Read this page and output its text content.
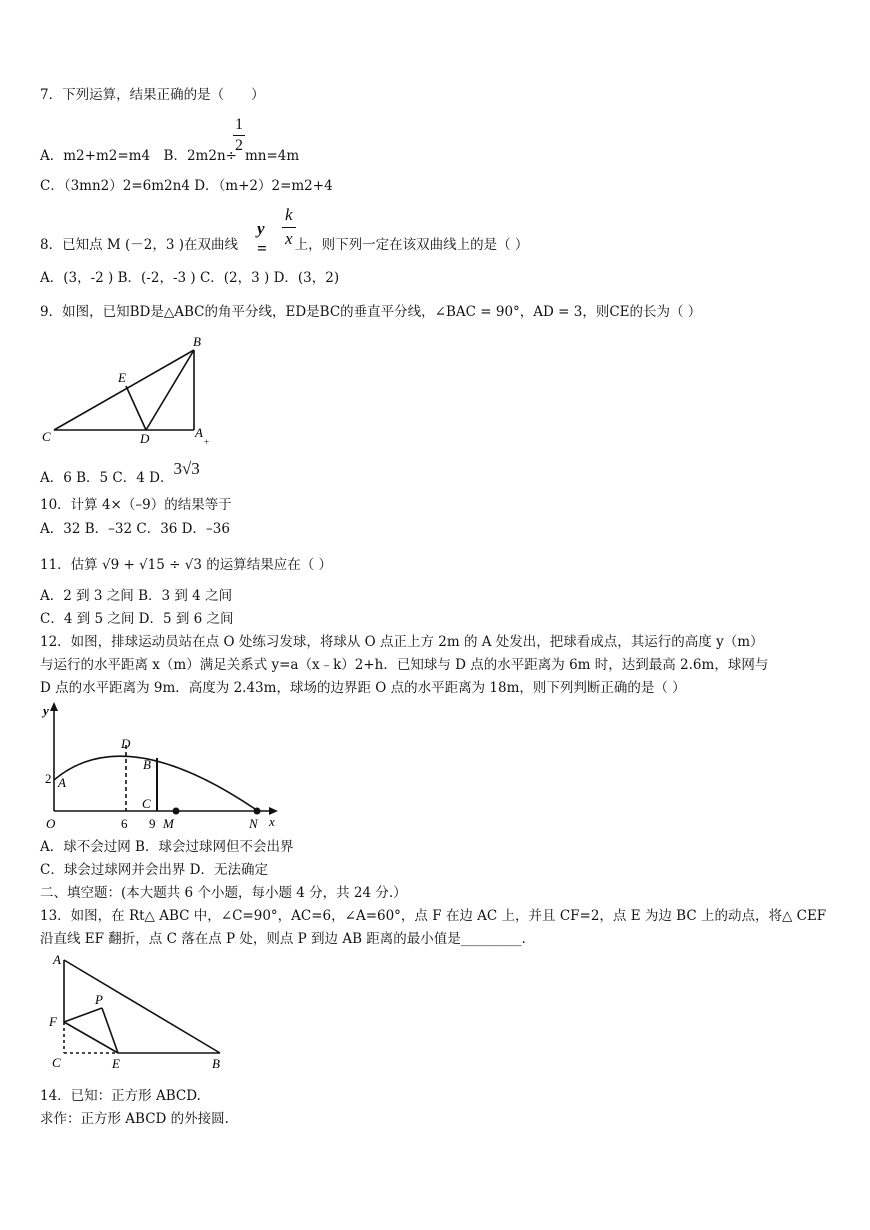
7．下列运算，结果正确的是（　　）
1
2
A．m2+m2=m4　B．2m2n÷ mn=4m
C．（3mn2）2=6m2n4 D．（m+2）2=m2+4
8．已知点 M (－2，3 )在双曲线	上，则下列一定在该双曲线上的是（ ）
y =
k
x
A．(3，-2 ) B．(-2，-3 ) C．(2，3 ) D．(3，2)
9．如图，已知BD是△ABC的角平分线，ED是BC的垂直平分线，∠BAC = 90°，AD = 3，则CE的长为（ ）
B
E
C	D	A
+
A．6 B．5 C．4 D．3√3
10．计算 4×（–9）的结果等于
A．32 B．–32 C．36 D．–36
11．估算 √9 + √15 ÷ √3 的运算结果应在（ ）
A．2 到 3 之间 B．3 到 4 之间
C．4 到 5 之间 D．5 到 6 之间
12．如图，排球运动员站在点 O 处练习发球，将球从 O 点正上方 2m 的 A 处发出，把球看成点，其运行的高度 y（m）
与运行的水平距离 x（m）满足关系式 y=a（x﹣k）2+h．已知球与 D 点的水平距离为 6m 时，达到最高 2.6m，球网与
D 点的水平距离为 9m．高度为 2.43m，球场的边界距 O 点的水平距离为 18m，则下列判断正确的是（ ）
y
D
B
2 A
C
O	6 9 M	N x
A．球不会过网 B．球会过球网但不会出界
C．球会过球网并会出界 D．无法确定
二、填空题：(本大题共 6 个小题，每小题 4 分，共 24 分.）
13．如图，在 Rt△ ABC 中，∠C=90°，AC=6，∠A=60°，点 F 在边 AC 上，并且 CF=2，点 E 为边 BC 上的动点，将△ CEF
沿直线 EF 翻折，点 C 落在点 P 处，则点 P 到边 AB 距离的最小值是_________.
A
P
F
C	E	B
14．已知：正方形 ABCD.
求作：正方形 ABCD 的外接圆.
